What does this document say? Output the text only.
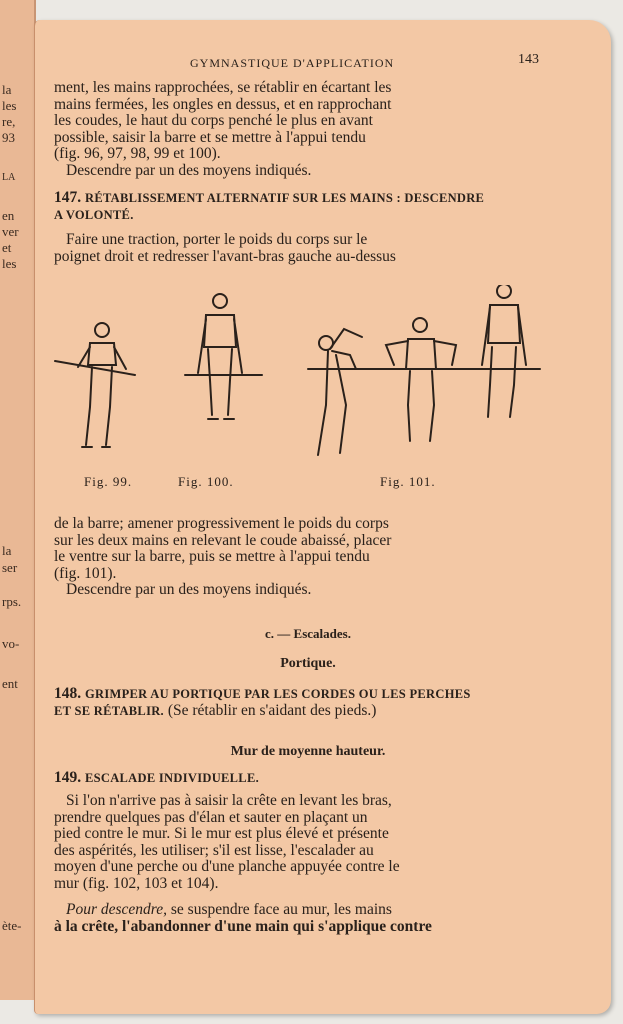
la
les
re,
93
LA
en
ver
et
les
la
ser
rps.
vo-
ent
ète-
GYMNASTIQUE D'APPLICATION	143
ment, les mains rapprochées, se rétablir en écartant les
mains fermées, les ongles en dessus, et en rapprochant
les coudes, le haut du corps penché le plus en avant
possible, saisir la barre et se mettre à l'appui tendu
(fig. 96, 97, 98, 99 et 100).
Descendre par un des moyens indiqués.
147. RÉTABLISSEMENT ALTERNATIF SUR LES MAINS : DESCENDRE
A VOLONTÉ.
Faire une traction, porter le poids du corps sur le
poignet droit et redresser l'avant-bras gauche au-dessus
Fig. 99.	Fig. 100.	Fig. 101.
de la barre; amener progressivement le poids du corps
sur les deux mains en relevant le coude abaissé, placer
le ventre sur la barre, puis se mettre à l'appui tendu
(fig. 101).
Descendre par un des moyens indiqués.
c. — Escalades.
Portique.
148. GRIMPER AU PORTIQUE PAR LES CORDES OU LES PERCHES
ET SE RÉTABLIR. (Se rétablir en s'aidant des pieds.)
Mur de moyenne hauteur.
149. ESCALADE INDIVIDUELLE.
Si l'on n'arrive pas à saisir la crête en levant les bras,
prendre quelques pas d'élan et sauter en plaçant un
pied contre le mur. Si le mur est plus élevé et présente
des aspérités, les utiliser; s'il est lisse, l'escalader au
moyen d'une perche ou d'une planche appuyée contre le
mur (fig. 102, 103 et 104).
Pour descendre, se suspendre face au mur, les mains
à la crête, l'abandonner d'une main qui s'applique contre
